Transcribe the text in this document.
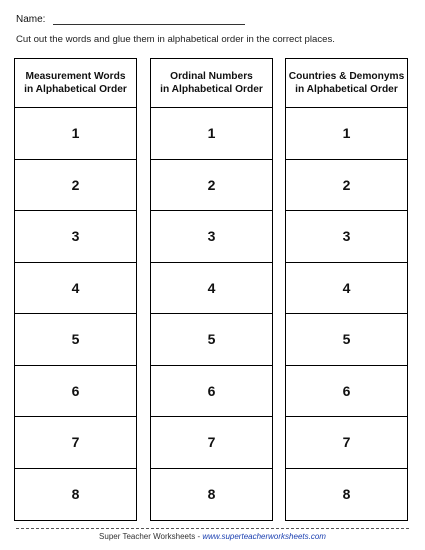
Name:
Cut out the words and glue them in alphabetical order in the correct places.
Measurement Words
in Alphabetical Order
1
2
3
4
5
6
7
8
Ordinal Numbers
in Alphabetical Order
1
2
3
4
5
6
7
8
Countries & Demonyms
in Alphabetical Order
1
2
3
4
5
6
7
8
Super Teacher Worksheets - www.superteacherworksheets.com
